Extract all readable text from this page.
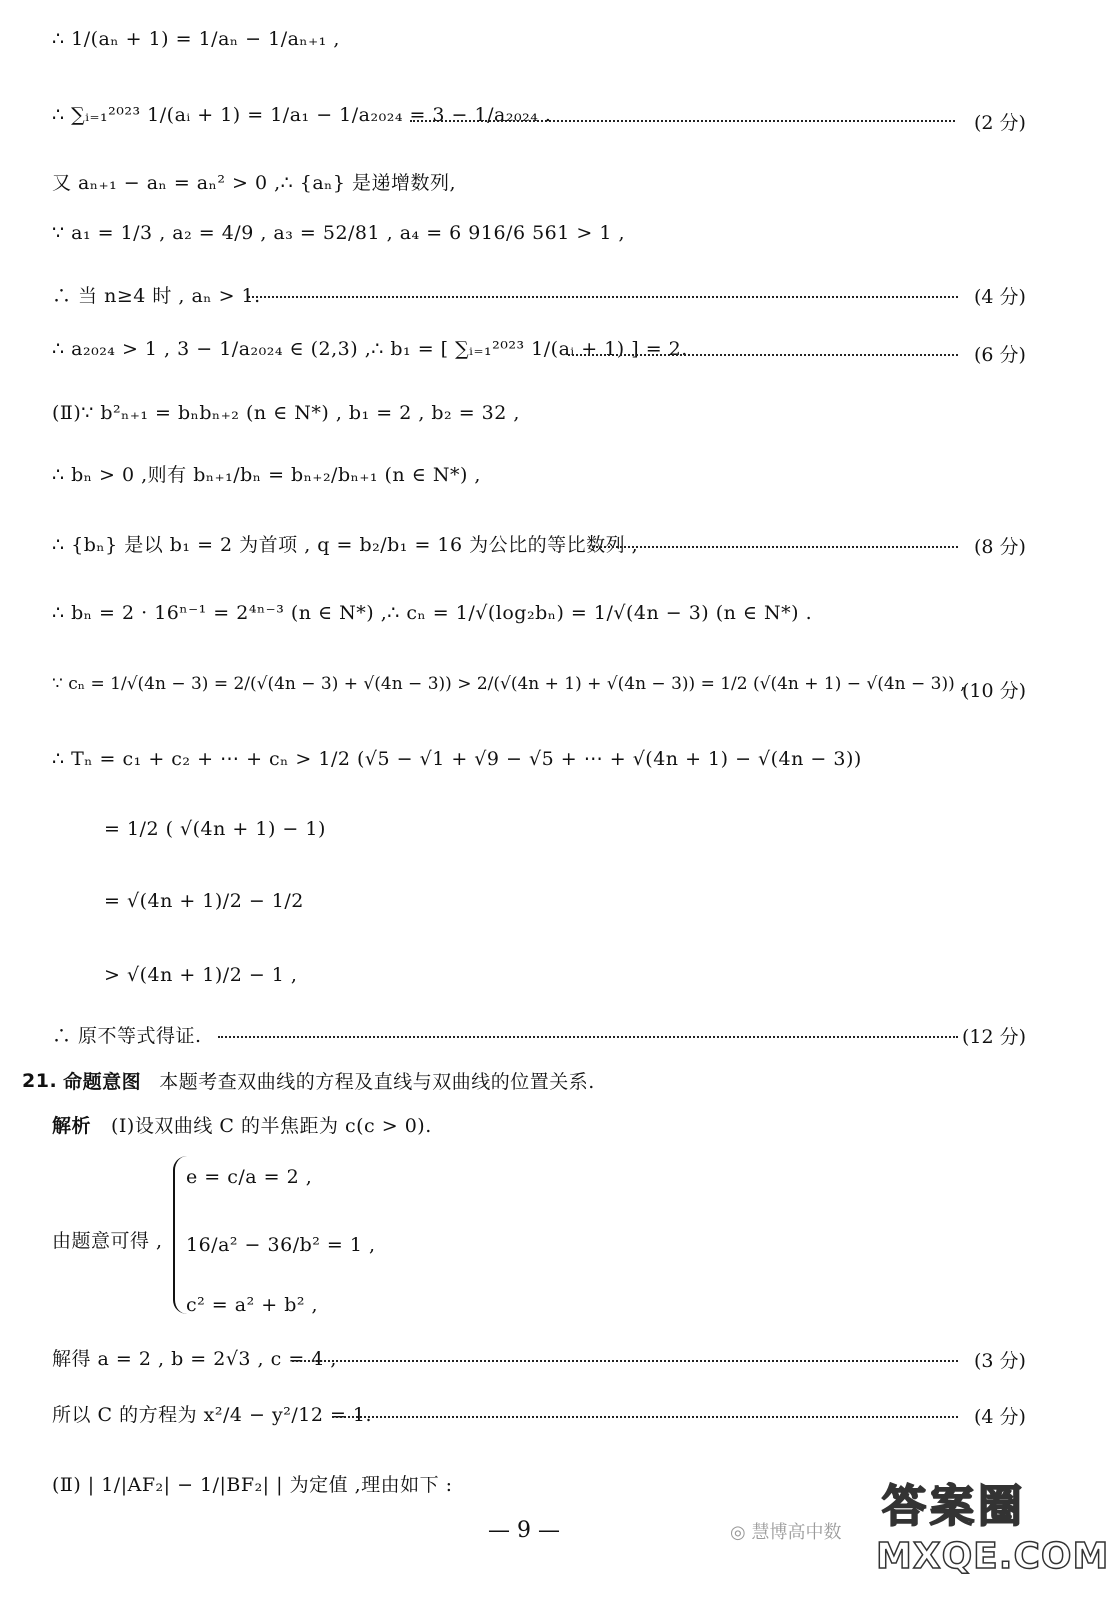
∴ 1/(aₙ + 1) = 1/aₙ − 1/aₙ₊₁ ,
∴ ∑ᵢ₌₁²⁰²³ 1/(aᵢ + 1) = 1/a₁ − 1/a₂₀₂₄ = 3 − 1/a₂₀₂₄ .	(2 分)
又 aₙ₊₁ − aₙ = aₙ² > 0 ,∴ {aₙ} 是递增数列,
∵ a₁ = 1/3 , a₂ = 4/9 , a₃ = 52/81 , a₄ = 6 916/6 561 > 1 ,
∴ 当 n≥4 时 , aₙ > 1.	(4 分)
∴ a₂₀₂₄ > 1 , 3 − 1/a₂₀₂₄ ∈ (2,3) ,∴ b₁ = [ ∑ᵢ₌₁²⁰²³ 1/(aᵢ + 1) ] = 2.	(6 分)
(Ⅱ)∵ b²ₙ₊₁ = bₙbₙ₊₂ (n ∈ N*) , b₁ = 2 , b₂ = 32 ,
∴ bₙ > 0 ,则有 bₙ₊₁/bₙ = bₙ₊₂/bₙ₊₁ (n ∈ N*) ,
∴ {bₙ} 是以 b₁ = 2 为首项 , q = b₂/b₁ = 16 为公比的等比数列 ,	(8 分)
∴ bₙ = 2 · 16ⁿ⁻¹ = 2⁴ⁿ⁻³ (n ∈ N*) ,∴ cₙ = 1/√(log₂bₙ) = 1/√(4n − 3) (n ∈ N*) .
∵ cₙ = 1/√(4n − 3) = 2/(√(4n − 3) + √(4n − 3)) > 2/(√(4n + 1) + √(4n − 3)) = 1/2 (√(4n + 1) − √(4n − 3)) ,
(10 分)
∴ Tₙ = c₁ + c₂ + ⋯ + cₙ > 1/2 (√5 − √1 + √9 − √5 + ⋯ + √(4n + 1) − √(4n − 3))
= 1/2 ( √(4n + 1) − 1)
= √(4n + 1)/2 − 1/2
> √(4n + 1)/2 − 1 ,
∴ 原不等式得证.	(12 分)
21. 命题意图 本题考查双曲线的方程及直线与双曲线的位置关系.
解析 (Ⅰ)设双曲线 C 的半焦距为 c(c > 0).
由题意可得 ,
e = c/a = 2 ,
16/a² − 36/b² = 1 ,
c² = a² + b² ,
解得 a = 2 , b = 2√3 , c = 4 ,	(3 分)
所以 C 的方程为 x²/4 − y²/12 = 1.	(4 分)
(Ⅱ) | 1/|AF₂| − 1/|BF₂| | 为定值 ,理由如下 :
— 9 —	◎ 慧博高中数
答案圈
MXQE.COM
